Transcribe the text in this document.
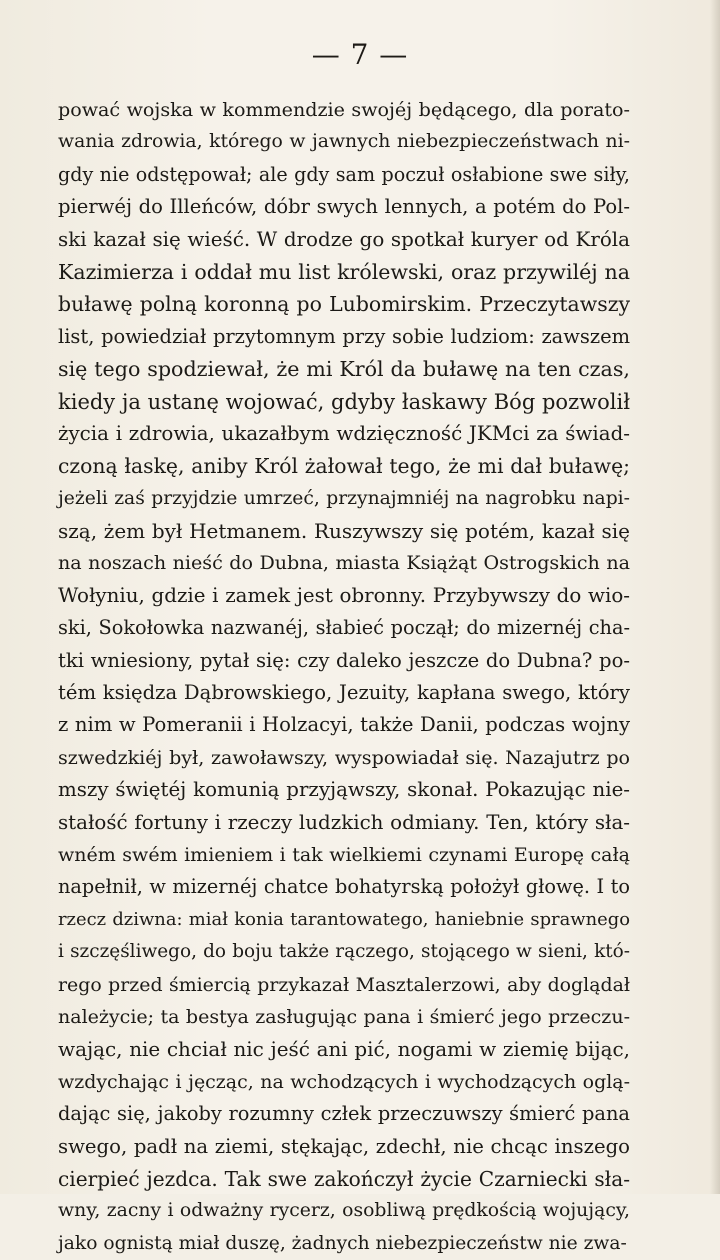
— 7 —
pować wojska w kommendzie swojéj będącego, dla porato-
wania zdrowia, którego w jawnych niebezpieczeństwach ni-
gdy nie odstępował; ale gdy sam poczuł osłabione swe siły,
pierwéj do Illeńców, dóbr swych lennych, a potém do Pol-
ski kazał się wieść. W drodze go spotkał kuryer od Króla
Kazimierza i oddał mu list królewski, oraz przywiléj na
buławę polną koronną po Lubomirskim. Przeczytawszy
list, powiedział przytomnym przy sobie ludziom: zawszem
się tego spodziewał, że mi Król da buławę na ten czas,
kiedy ja ustanę wojować, gdyby łaskawy Bóg pozwolił
życia i zdrowia, ukazałbym wdzięczność JKMci za świad-
czoną łaskę, aniby Król żałował tego, że mi dał buławę;
jeżeli zaś przyjdzie umrzeć, przynajmniéj na nagrobku napi-
szą, żem był Hetmanem. Ruszywszy się potém, kazał się
na noszach nieść do Dubna, miasta Książąt Ostrogskich na
Wołyniu, gdzie i zamek jest obronny. Przybywszy do wio-
ski, Sokołowka nazwanéj, słabieć począł; do mizernéj cha-
tki wniesiony, pytał się: czy daleko jeszcze do Dubna? po-
tém księdza Dąbrowskiego, Jezuity, kapłana swego, który
z nim w Pomeranii i Holzacyi, także Danii, podczas wojny
szwedzkiéj był, zawoławszy, wyspowiadał się. Nazajutrz po
mszy świętéj komunią przyjąwszy, skonał. Pokazując nie-
stałość fortuny i rzeczy ludzkich odmiany. Ten, który sła-
wném swém imieniem i tak wielkiemi czynami Europę całą
napełnił, w mizernéj chatce bohatyrską położył głowę. I to
rzecz dziwna: miał konia tarantowatego, haniebnie sprawnego
i szczęśliwego, do boju także rączego, stojącego w sieni, któ-
rego przed śmiercią przykazał Masztalerzowi, aby doglądał
należycie; ta bestya zasługując pana i śmierć jego przeczu-
wając, nie chciał nic jeść ani pić, nogami w ziemię bijąc,
wzdychając i jęcząc, na wchodzących i wychodzących oglą-
dając się, jakoby rozumny człek przeczuwszy śmierć pana
swego, padł na ziemi, stękając, zdechł, nie chcąc inszego
cierpieć jezdca. Tak swe zakończył życie Czarniecki sła-
wny, zacny i odważny rycerz, osobliwą prędkością wojujący,
jako ognistą miał duszę, żadnych niebezpieczeństw nie zwa-
